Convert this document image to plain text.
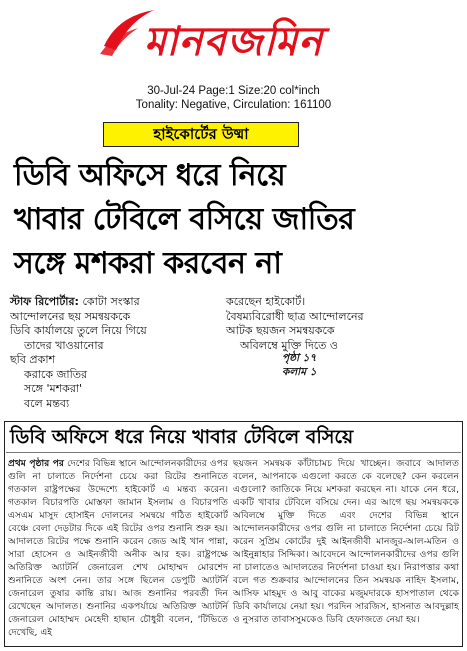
মানবজমিন
30-Jul-24 Page:1 Size:20 col*inch
Tonality: Negative, Circulation: 161100
হাইকোর্টের উষ্মা
ডিবি অফিসে ধরে নিয়ে
খাবার টেবিলে বসিয়ে জাতির
সঙ্গে মশকরা করবেন না
স্টাফ রিপোর্টার: কোটা সংস্কার
আন্দোলনের ছয় সমন্বয়ককে
ডিবি কার্যালয়ে তুলে নিয়ে গিয়ে
তাদের খাওয়ানোর
ছবি প্রকাশ
করাকে জাতির
সঙ্গে 'মশকরা'
বলে মন্তব্য
করেছেন হাইকোর্ট।
বৈষম্যবিরোধী ছাত্র আন্দোলনের
আটক ছয়জন সমন্বয়ককে
অবিলম্বে মুক্তি দিতে ও
পৃষ্ঠা ১৭
কলাম ১
ডিবি অফিসে ধরে নিয়ে খাবার টেবিলে বসিয়ে
প্রথম পৃষ্ঠার পর দেশের বিভিন্ন স্থানে আন্দোলনকারীদের ওপর গুলি না চালাতে নির্দেশনা চেয়ে করা রিটের শুনানিতে গতকাল রাষ্ট্রপক্ষের উদ্দেশ্যে হাইকোর্ট এ মন্তব্য করেন। গতকাল বিচারপতি মোস্তফা জামান ইসলাম ও বিচারপতি এসএম মাসুদ হোসাইন দোলনের সমন্বয়ে গঠিত হাইকোর্ট বেঞ্চে বেলা দেড়টার দিকে এই রিটের ওপর শুনানি শুরু হয়। আদালতে রিটের পক্ষে শুনানি করেন জেড আই খান পান্না, সারা হোসেন ও আইনজীবী অনীক আর হক। রাষ্ট্রপক্ষে অতিরিক্ত অ্যাটর্নি জেনারেল শেখ মোহাম্মদ মোরশেদ শুনানিতে অংশ নেন। তার সঙ্গে ছিলেন ডেপুটি অ্যাটর্নি জেনারেল তুষার কান্তি রায়। আজ শুনানির পরবর্তী দিন রেখেছেন আদালত। শুনানির একপর্যায়ে অতিরিক্ত অ্যাটর্নি জেনারেল মোহাম্মদ মেহেদী হাছান চৌধুরী বলেন, 'টিভিতে দেখেছি, এই
ছয়জন সমন্বয়ক কাঁটাচামচ দিয়ে খাচ্ছেন। জবাবে আদালত বলেন, আপনাকে এগুলো করতে কে বলেছে? কেন করলেন এগুলো? জাতিকে নিয়ে মশকরা করছেন না। যাকে নেন ধরে, একটি খাবার টেবিলে বসিয়ে দেন। এর আগে ছয় সমন্বয়ককে অবিলম্বে মুক্তি দিতে এবং দেশের বিভিন্ন স্থানে আন্দোলনকারীদের ওপর গুলি না চালাতে নির্দেশনা চেয়ে রিট করেন সুপ্রিম কোর্টের দুই আইনজীবী মানজুর-আল-মতিন ও আইনুন্নাহার সিদ্দিকা। আবেদনে আন্দোলনকারীদের ওপর গুলি না চালাতেও আদালতের নির্দেশনা চাওয়া হয়। নিরাপত্তার কথা বলে গত শুক্রবার আন্দোলনের তিন সমন্বয়ক নাহিদ ইসলাম, আসিফ মাহমুদ ও আবু বাকের মজুমদারকে হাসপাতাল থেকে ডিবি কার্যালয়ে নেয়া হয়। পরদিন সারজিস, হাসনাত আবদুল্লাহ ও নুসরাত তাবাসসুমকেও ডিবি হেফাজতে নেয়া হয়।
